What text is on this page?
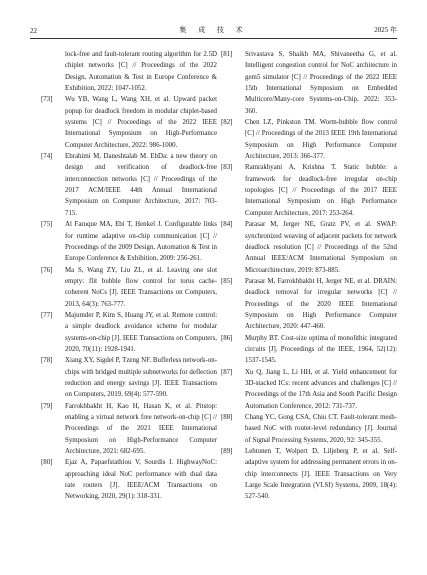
22	集 成 技 术	2025 年
lock-free and fault-tolerant routing algorithm for 2.5D chiplet networks [C] // Proceedings of the 2022 Design, Automation & Test in Europe Conference & Exhibition, 2022: 1047-1052.
[73]	Wu YB, Wang L, Wang XH, et al. Upward packet popup for deadlock freedom in modular chiplet-based systems [C] // Proceedings of the 2022 IEEE International Symposium on High-Performance Computer Architecture, 2022: 986-1000.
[74]	Ebrahimi M, Daneshtalab M. EbDa: a new theory on design and verification of deadlock-free interconnection networks [C] // Proceedings of the 2017 ACM/IEEE 44th Annual International Symposium on Computer Architecture, 2017: 703-715.
[75]	Al Faruque MA, Ebi T, Henkel J. Configurable links for runtime adaptive on-chip communication [C] // Proceedings of the 2009 Design, Automation & Test in Europe Conference & Exhibition, 2009: 256-261.
[76]	Ma S, Wang ZY, Liu ZL, et al. Leaving one slot empty: flit bubble flow control for torus cache-coherent NoCs [J]. IEEE Transactions on Computers, 2013, 64(3): 763-777.
[77]	Majumder P, Kim S, Huang JY, et al. Remote control: a simple deadlock avoidance scheme for modular systems-on-chip [J]. IEEE Transactions on Computers, 2020, 70(11): 1928-1941.
[78]	Xiang XY, Sigdel P, Tzeng NF. Bufferless network-on-chips with bridged multiple subnetworks for deflection reduction and energy savings [J]. IEEE Transactions on Computers, 2019, 69(4): 577-590.
[79]	Farrokhbakht H, Kao H, Hasan K, et al. Pitstop: enabling a virtual network free network-on-chip [C] // Proceedings of the 2021 IEEE International Symposium on High-Performance Computer Architecture, 2021: 682-695.
[80]	Ejaz A, Papaefstathiou V, Sourdis I. HighwayNoC: approaching ideal NoC performance with dual data rate routers [J]. IEEE/ACM Transactions on Networking, 2020, 29(1): 318-331.
[81]	Srivastava S, Shaikh MA, Shivaneetha G, et al. Intelligent congestion control for NoC architecture in gem5 simulator [C] // Proceedings of the 2022 IEEE 15th International Symposium on Embedded Multicore/Many-core Systems-on-Chip, 2022: 353-360.
[82]	Chen LZ, Pinkston TM. Worm-bubble flow control [C] // Proceedings of the 2013 IEEE 19th International Symposium on High Performance Computer Architecture, 2013: 366-377.
[83]	Ramrakhyani A, Krishna T. Static bubble: a framework for deadlock-free irregular on-chip topologies [C] // Proceedings of the 2017 IEEE International Symposium on High Performance Computer Architecture, 2017: 253-264.
[84]	Parasar M, Jerger NE, Gratz PV, et al. SWAP: synchronized weaving of adjacent packets for network deadlock resolution [C] // Proceedings of the 52nd Annual IEEE/ACM International Symposium on Microarchitecture, 2019: 873-885.
[85]	Parasar M, Farrokhbakht H, Jerger NE, et al. DRAIN: deadlock removal for irregular networks [C] // Proceedings of the 2020 IEEE International Symposium on High Performance Computer Architecture, 2020: 447-460.
[86]	Murphy BT. Cost-size optima of monolithic integrated circuits [J]. Proceedings of the IEEE, 1964, 52(12): 1537-1545.
[87]	Xu Q, Jiang L, Li HH, et al. Yield enhancement for 3D-stacked ICs: recent advances and challenges [C] // Proceedings of the 17th Asia and South Pacific Design Automation Conference, 2012: 731-737.
[88]	Chang YC, Gong CSA, Chiu CT. Fault-tolerant mesh-based NoC with router-level redundancy [J]. Journal of Signal Processing Systems, 2020, 92: 345-355.
[89]	Lehtonen T, Wolpert D, Liljeberg P, et al. Self-adaptive system for addressing permanent errors in on-chip interconnects [J]. IEEE Transactions on Very Large Scale Integration (VLSI) Systems, 2009, 18(4): 527-540.
